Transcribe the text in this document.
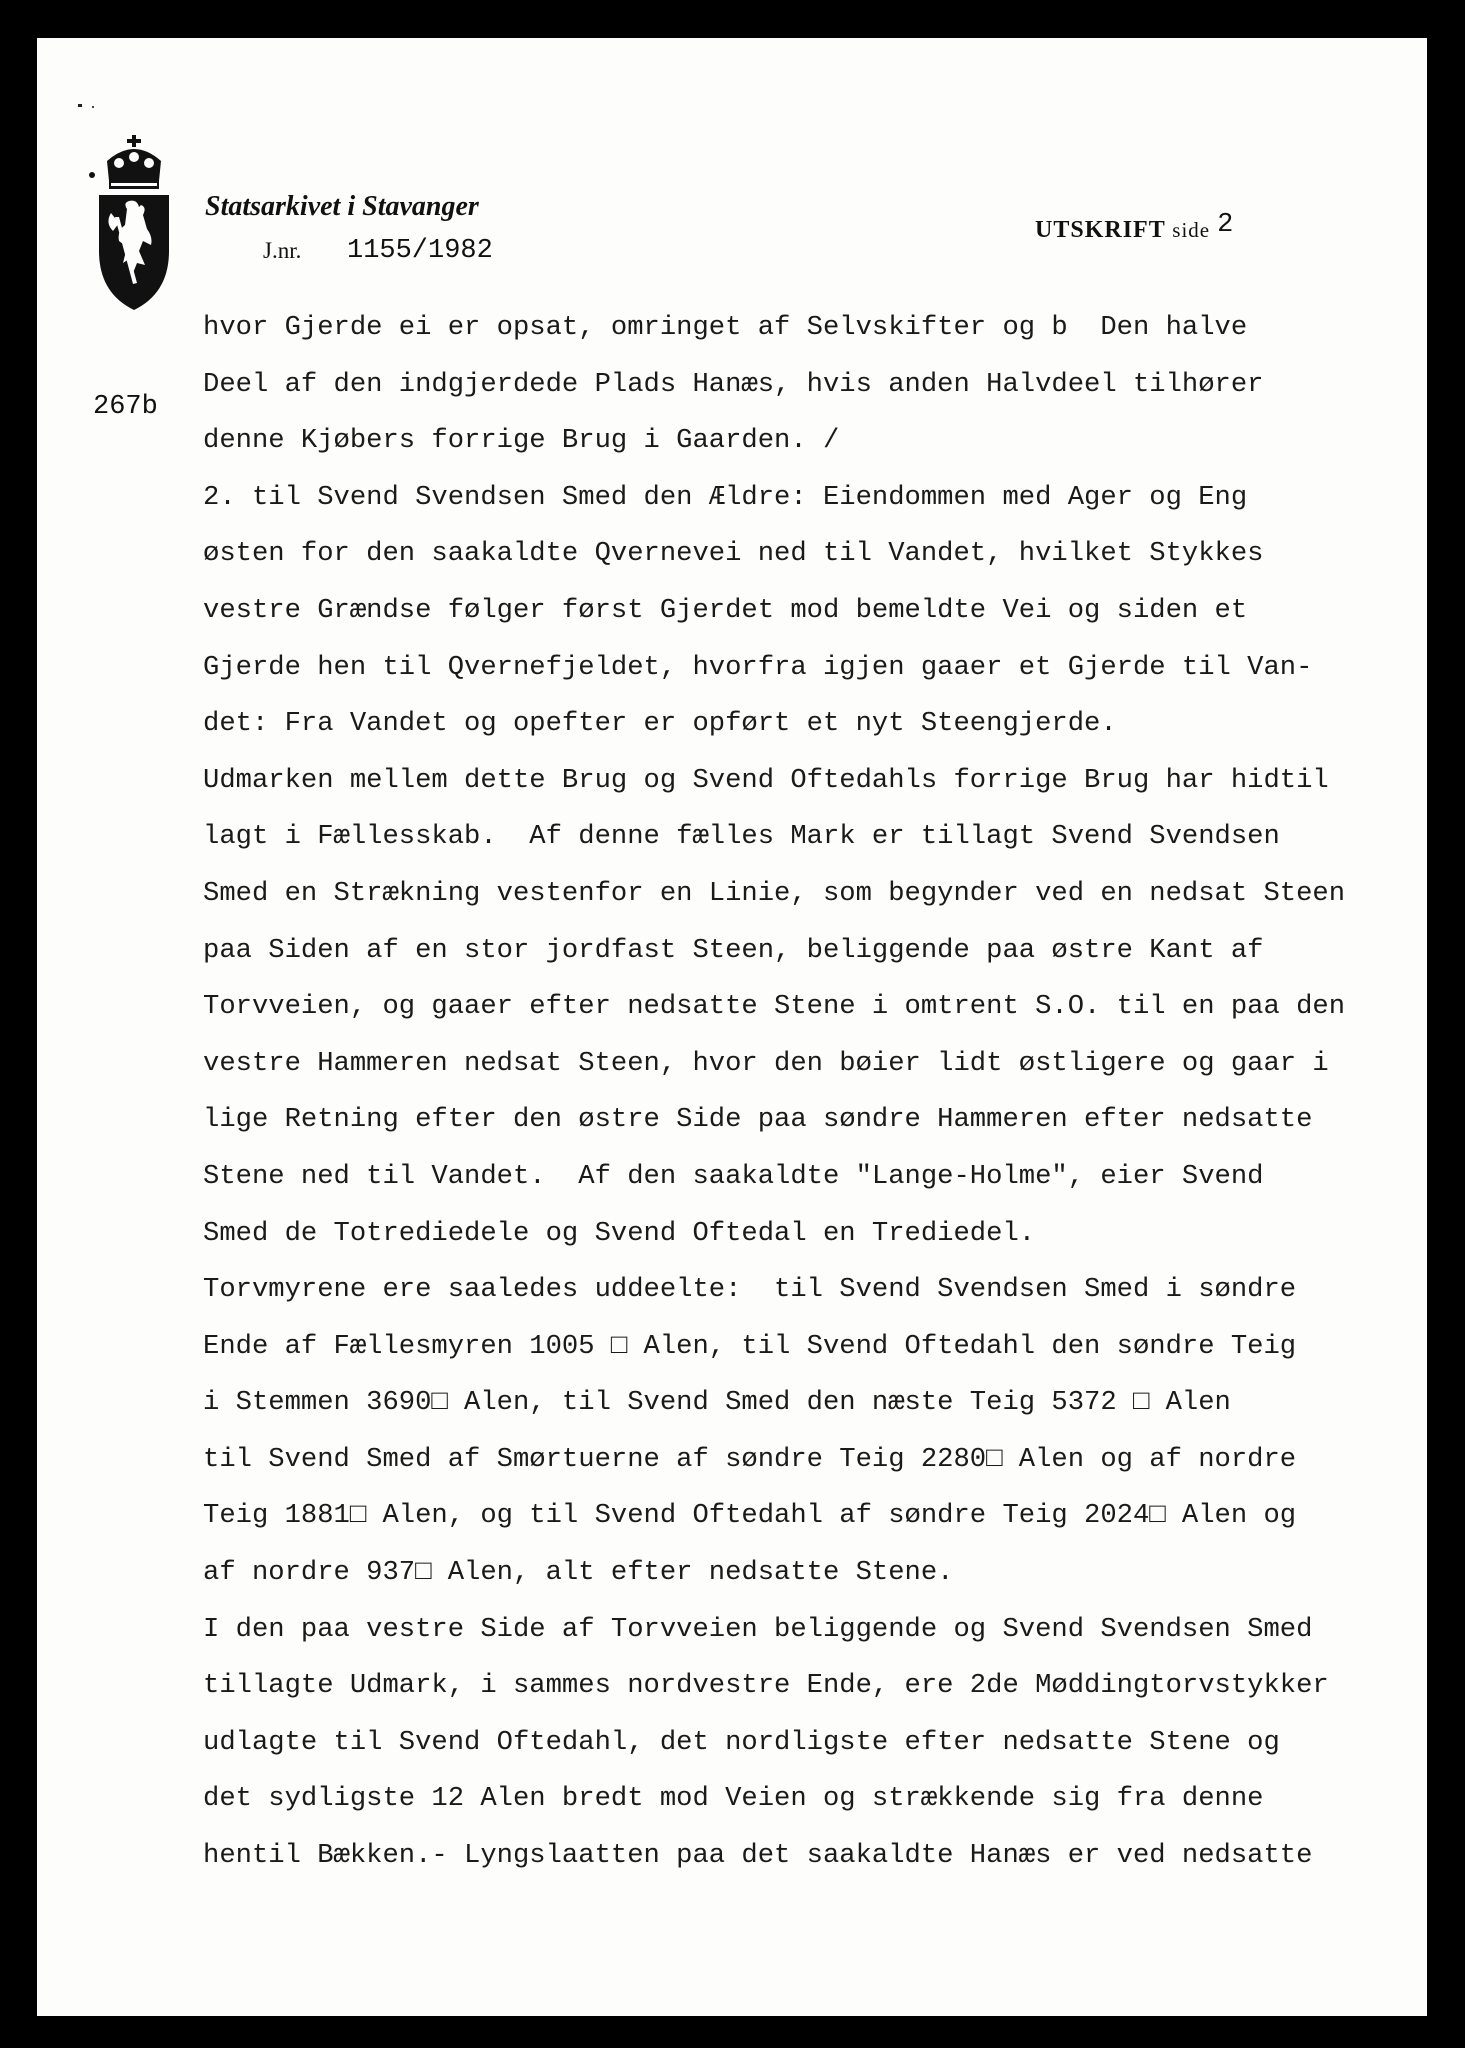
Statsarkivet i Stavanger
J.nr. 1155/1982
UTSKRIFT side 2
267b
hvor Gjerde ei er opsat, omringet af Selvskifter og b  Den halve
Deel af den indgjerdede Plads Hanæs, hvis anden Halvdeel tilhører
denne Kjøbers forrige Brug i Gaarden. /
2. til Svend Svendsen Smed den Ældre: Eiendommen med Ager og Eng
østen for den saakaldte Qvernevei ned til Vandet, hvilket Stykkes
vestre Grændse følger først Gjerdet mod bemeldte Vei og siden et
Gjerde hen til Qvernefjeldet, hvorfra igjen gaaer et Gjerde til Van-
det: Fra Vandet og opefter er opført et nyt Steengjerde.
Udmarken mellem dette Brug og Svend Oftedahls forrige Brug har hidtil
lagt i Fællesskab.  Af denne fælles Mark er tillagt Svend Svendsen
Smed en Strækning vestenfor en Linie, som begynder ved en nedsat Steen
paa Siden af en stor jordfast Steen, beliggende paa østre Kant af
Torvveien, og gaaer efter nedsatte Stene i omtrent S.O. til en paa den
vestre Hammeren nedsat Steen, hvor den bøier lidt østligere og gaar i
lige Retning efter den østre Side paa søndre Hammeren efter nedsatte
Stene ned til Vandet.  Af den saakaldte "Lange-Holme", eier Svend
Smed de Totrediedele og Svend Oftedal en Trediedel.
Torvmyrene ere saaledes uddeelte:  til Svend Svendsen Smed i søndre
Ende af Fællesmyren 1005 □ Alen, til Svend Oftedahl den søndre Teig
i Stemmen 3690□ Alen, til Svend Smed den næste Teig 5372 □ Alen
til Svend Smed af Smørtuerne af søndre Teig 2280□ Alen og af nordre
Teig 1881□ Alen, og til Svend Oftedahl af søndre Teig 2024□ Alen og
af nordre 937□ Alen, alt efter nedsatte Stene.
I den paa vestre Side af Torvveien beliggende og Svend Svendsen Smed
tillagte Udmark, i sammes nordvestre Ende, ere 2de Møddingtorvstykker
udlagte til Svend Oftedahl, det nordligste efter nedsatte Stene og
det sydligste 12 Alen bredt mod Veien og strækkende sig fra denne
hentil Bækken.- Lyngslaatten paa det saakaldte Hanæs er ved nedsatte
